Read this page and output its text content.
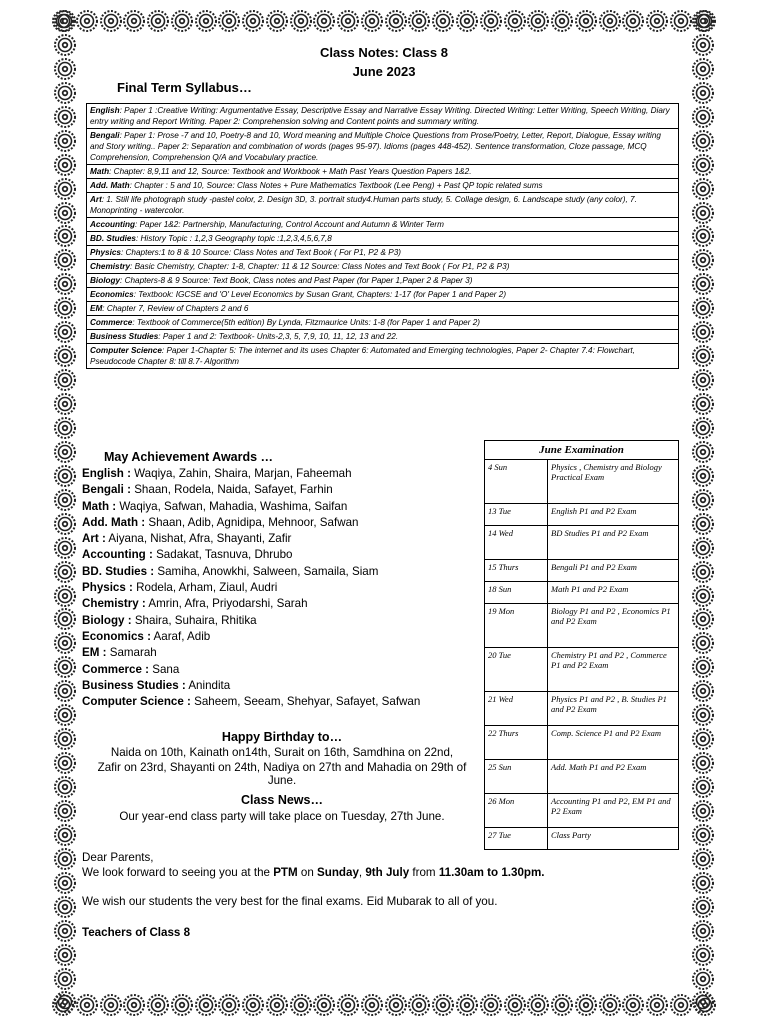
Class Notes: Class 8
June 2023
Final Term Syllabus…
English: Paper 1 :Creative Writing: Argumentative Essay, Descriptive Essay and Narrative Essay Writing. Directed Writing: Letter Writing, Speech Writing, Diary entry writing and Report Writing. Paper 2: Comprehension solving and Content points and summary writing.
Bengali: Paper 1: Prose -7 and 10, Poetry-8 and 10, Word meaning and Multiple Choice Questions from Prose/Poetry, Letter, Report, Dialogue, Essay writing and Story writing.. Paper 2: Separation and combination of words (pages 95-97). Idioms (pages 448-452). Sentence transformation, Cloze passage, MCQ Comprehension, Comprehension Q/A and Vocabulary practice.
Math: Chapter: 8,9,11 and 12, Source: Textbook and Workbook + Math Past Years Question Papers 1&2.
Add. Math: Chapter : 5 and 10, Source: Class Notes + Pure Mathematics Textbook (Lee Peng) + Past QP topic related sums
Art: 1. Still life photograph study -pastel color, 2. Design 3D, 3. portrait study4.Human parts study, 5. Collage design, 6. Landscape study (any color), 7. Monoprinting - watercolor.
Accounting: Paper 1&2: Partnership, Manufacturing, Control Account and Autumn & Winter Term
BD. Studies: History Topic : 1,2,3 Geography topic :1,2,3,4,5,6,7,8
Physics: Chapters:1 to 8 & 10 Source: Class Notes and Text Book ( For P1, P2 & P3)
Chemistry: Basic Chemistry, Chapter: 1-8, Chapter: 11 & 12 Source: Class Notes and Text Book ( For P1, P2 & P3)
Biology: Chapters-8 & 9 Source: Text Book, Class notes and Past Paper (for Paper 1,Paper 2 & Paper 3)
Economics: Textbook: IGCSE and 'O' Level Economics by Susan Grant, Chapters: 1-17 (for Paper 1 and Paper 2)
EM: Chapter 7, Review of Chapters 2 and 6
Commerce: Textbook of Commerce(5th edition) By Lynda, Fitzmaurice Units: 1-8 (for Paper 1 and Paper 2)
Business Studies: Paper 1 and 2: Textbook- Units-2,3, 5, 7,9, 10, 11, 12, 13 and 22.
Computer Science: Paper 1-Chapter 5: The internet and its uses Chapter 6: Automated and Emerging technologies, Paper 2- Chapter 7.4: Flowchart, Pseudocode Chapter 8: till 8.7- Algorithm
May Achievement Awards …
English : Waqiya, Zahin, Shaira, Marjan, Faheemah
Bengali : Shaan, Rodela, Naida, Safayet, Farhin
Math : Waqiya, Safwan, Mahadia, Washima, Saifan
Add. Math : Shaan, Adib, Agnidipa, Mehnoor, Safwan
Art : Aiyana, Nishat, Afra, Shayanti, Zafir
Accounting : Sadakat, Tasnuva, Dhrubo
BD. Studies : Samiha, Anowkhi, Salween, Samaila, Siam
Physics : Rodela, Arham, Ziaul, Audri
Chemistry : Amrin, Afra, Priyodarshi, Sarah
Biology : Shaira, Suhaira, Rhitika
Economics : Aaraf, Adib
EM : Samarah
Commerce : Sana
Business Studies : Anindita
Computer Science : Saheem, Seeam, Shehyar, Safayet, Safwan
June Examination	
4 Sun	Physics , Chemistry and Biology Practical Exam
13 Tue	English P1 and P2 Exam
14 Wed	BD Studies P1 and P2 Exam
15 Thurs	Bengali P1 and P2 Exam
18 Sun	Math P1 and P2 Exam
19 Mon	Biology P1 and P2 , Economics P1 and P2 Exam
20 Tue	Chemistry P1 and P2 , Commerce P1 and P2 Exam
21 Wed	Physics P1 and P2 , B. Studies P1 and P2 Exam
22 Thurs	Comp. Science P1 and P2 Exam
25 Sun	Add. Math P1 and P2 Exam
26 Mon	Accounting P1 and P2, EM P1 and P2 Exam
27 Tue	Class Party
Happy Birthday to…
Naida on 10th, Kainath on14th, Surait on 16th, Samdhina on 22nd,
Zafir on 23rd, Shayanti on 24th, Nadiya on 27th and Mahadia on 29th of June.
Class News…
Our year-end class party will take place on Tuesday, 27th June.
Dear Parents,
We look forward to seeing you at the PTM on Sunday, 9th July from 11.30am to 1.30pm.
We wish our students the very best for the final exams. Eid Mubarak to all of you.
Teachers of Class 8
